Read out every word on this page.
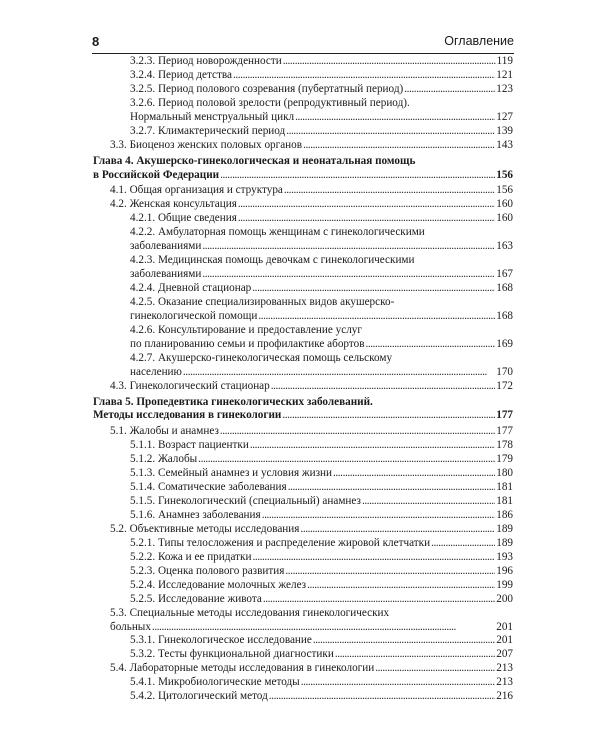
8	Оглавление
3.2.3. Период новорожденности . . .	119
3.2.4. Период детства . . .	121
3.2.5. Период полового созревания (пубертатный период) . . .	123
3.2.6. Период половой зрелости (репродуктивный период).
Нормальный менструальный цикл . . .	127
3.2.7. Климактерический период . . .	139
3.3. Биоценоз женских половых органов . . .	143
Глава 4. Акушерско-гинекологическая и неонатальная помощь
в Российской Федерации . . .	156
4.1. Общая организация и структура . . .	156
4.2. Женская консультация . . .	160
4.2.1. Общие сведения . . .	160
4.2.2. Амбулаторная помощь женщинам с гинекологическими
заболеваниями . . .	163
4.2.3. Медицинская помощь девочкам с гинекологическими
заболеваниями . . .	167
4.2.4. Дневной стационар . . .	168
4.2.5. Оказание специализированных видов акушерско-
гинекологической помощи . . .	168
4.2.6. Консультирование и предоставление услуг
по планированию семьи и профилактике абортов . . .	169
4.2.7. Акушерско-гинекологическая помощь сельскому
населению . . .	170
4.3. Гинекологический стационар . . .	172
Глава 5. Пропедевтика гинекологических заболеваний.
Методы исследования в гинекологии . . .	177
5.1. Жалобы и анамнез . . .	177
5.1.1. Возраст пациентки . . .	178
5.1.2. Жалобы . . .	179
5.1.3. Семейный анамнез и условия жизни . . .	180
5.1.4. Соматические заболевания . . .	181
5.1.5. Гинекологический (специальный) анамнез . . .	181
5.1.6. Анамнез заболевания . . .	186
5.2. Объективные методы исследования . . .	189
5.2.1. Типы телосложения и распределение жировой клетчатки . . .	189
5.2.2. Кожа и ее придатки . . .	193
5.2.3. Оценка полового развития . . .	196
5.2.4. Исследование молочных желез . . .	199
5.2.5. Исследование живота . . .	200
5.3. Специальные методы исследования гинекологических
больных . . .	201
5.3.1. Гинекологическое исследование . . .	201
5.3.2. Тесты функциональной диагностики . . .	207
5.4. Лабораторные методы исследования в гинекологии . . .	213
5.4.1. Микробиологические методы . . .	213
5.4.2. Цитологический метод . . .	216
